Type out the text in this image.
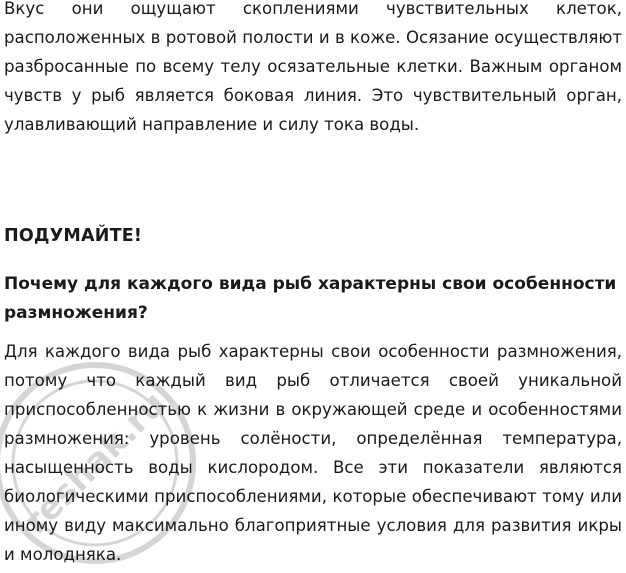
Вкус они ощущают скоплениями чувствительных клеток, расположенных в ротовой полости и в коже. Осязание осуществляют разбросанные по всему телу осязательные клетки. Важным органом чувств у рыб является боковая линия. Это чувствительный орган, улавливающий направление и силу тока воды.

ПОДУМАЙТЕ!

Почему для каждого вида рыб характерны свои особенности размножения?

Для каждого вида рыб характерны свои особенности размножения, потому что каждый вид рыб отличается своей уникальной приспособленностью к жизни в окружающей среде и особенностями размножения: уровень солёности, определённая температура, насыщенность воды кислородом. Все эти показатели являются биологическими приспособлениями, которые обеспечивают тому или иному виду максимально благоприятные условия для развития икры и молодняка.

reshak.ru
